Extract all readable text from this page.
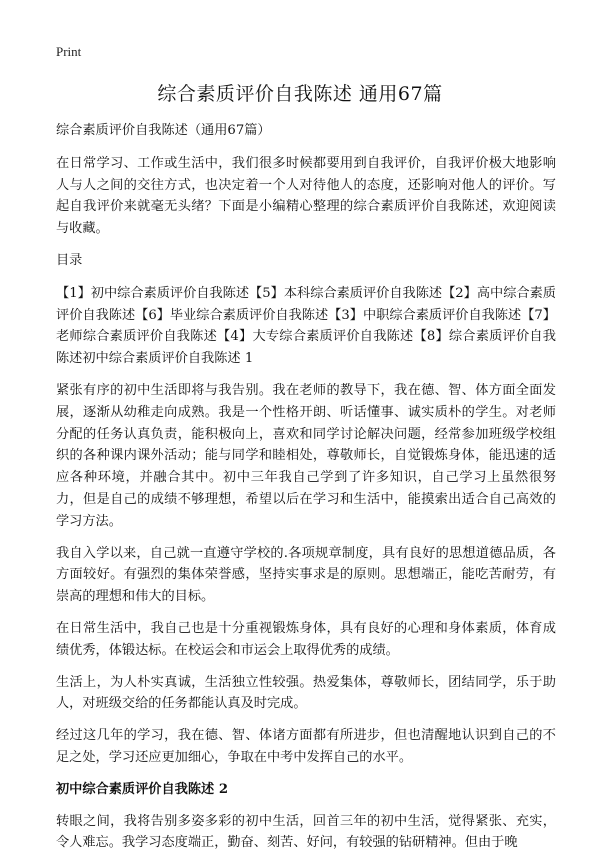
Print
综合素质评价自我陈述 通用67篇

综合素质评价自我陈述（通用67篇）

在日常学习、工作或生活中，我们很多时候都要用到自我评价，自我评价极大地影响人与人之间的交往方式，也决定着一个人对待他人的态度，还影响对他人的评价。写起自我评价来就毫无头绪？下面是小编精心整理的综合素质评价自我陈述，欢迎阅读与收藏。

目录

【1】初中综合素质评价自我陈述【5】本科综合素质评价自我陈述【2】高中综合素质评价自我陈述【6】毕业综合素质评价自我陈述【3】中职综合素质评价自我陈述【7】老师综合素质评价自我陈述【4】大专综合素质评价自我陈述【8】综合素质评价自我陈述初中综合素质评价自我陈述 1

紧张有序的初中生活即将与我告别。我在老师的教导下，我在德、智、体方面全面发展，逐渐从幼稚走向成熟。我是一个性格开朗、听话懂事、诚实质朴的学生。对老师分配的任务认真负责，能积极向上，喜欢和同学讨论解决问题，经常参加班级学校组织的各种课内课外活动；能与同学和睦相处，尊敬师长，自觉锻炼身体，能迅速的适应各种环境，并融合其中。初中三年我自己学到了许多知识，自己学习上虽然很努力，但是自己的成绩不够理想，希望以后在学习和生活中，能摸索出适合自己高效的学习方法。

我自入学以来，自己就一直遵守学校的.各项规章制度，具有良好的思想道德品质，各方面较好。有强烈的集体荣誉感，坚持实事求是的原则。思想端正，能吃苦耐劳，有崇高的理想和伟大的目标。

在日常生活中，我自己也是十分重视锻炼身体，具有良好的心理和身体素质，体育成绩优秀，体锻达标。在校运会和市运会上取得优秀的成绩。

生活上，为人朴实真诚，生活独立性较强。热爱集体，尊敬师长，团结同学，乐于助人，对班级交给的任务都能认真及时完成。

经过这几年的学习，我在德、智、体诸方面都有所进步，但也清醒地认识到自己的不足之处，学习还应更加细心，争取在中考中发挥自己的水平。

初中综合素质评价自我陈述 2

转眼之间，我将告别多姿多彩的初中生活，回首三年的初中生活，觉得紧张、充实，令人难忘。我学习态度端正，勤奋、刻苦、好问，有较强的钻研精神。但由于晚
